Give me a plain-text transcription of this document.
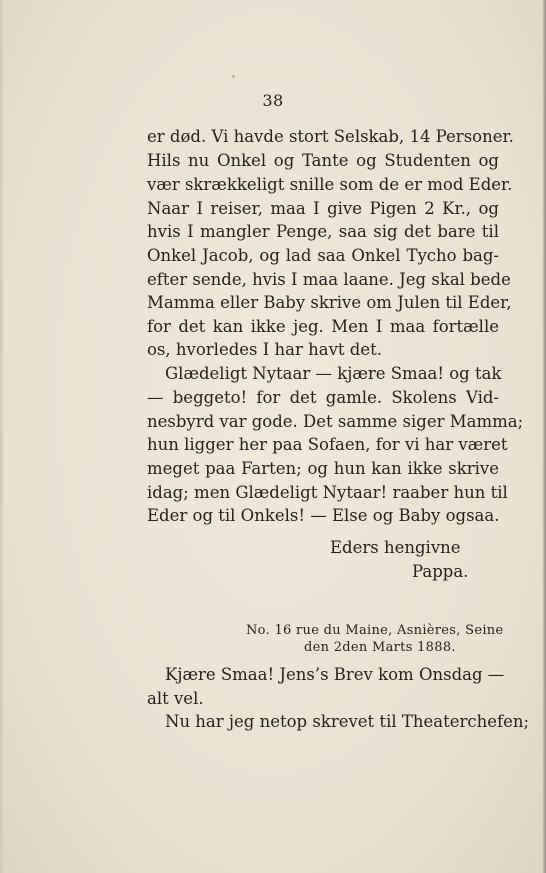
38
er død. Vi havde stort Selskab, 14 Personer.
Hils nu Onkel og Tante og Studenten og
vær skrækkeligt snille som de er mod Eder.
Naar I reiser, maa I give Pigen 2 Kr., og
hvis I mangler Penge, saa sig det bare til
Onkel Jacob, og lad saa Onkel Tycho bag-
efter sende, hvis I maa laane. Jeg skal bede
Mamma eller Baby skrive om Julen til Eder,
for det kan ikke jeg. Men I maa fortælle
os, hvorledes I har havt det.
Glædeligt Nytaar — kjære Smaa! og tak
— beggeto! for det gamle. Skolens Vid-
nesbyrd var gode. Det samme siger Mamma;
hun ligger her paa Sofaen, for vi har været
meget paa Farten; og hun kan ikke skrive
idag; men Glædeligt Nytaar! raaber hun til
Eder og til Onkels! — Else og Baby ogsaa.
Eders hengivne
Pappa.
No. 16 rue du Maine, Asnières, Seine
den 2den Marts 1888.
Kjære Smaa! Jens’s Brev kom Onsdag —
alt vel.
Nu har jeg netop skrevet til Theaterchefen;
